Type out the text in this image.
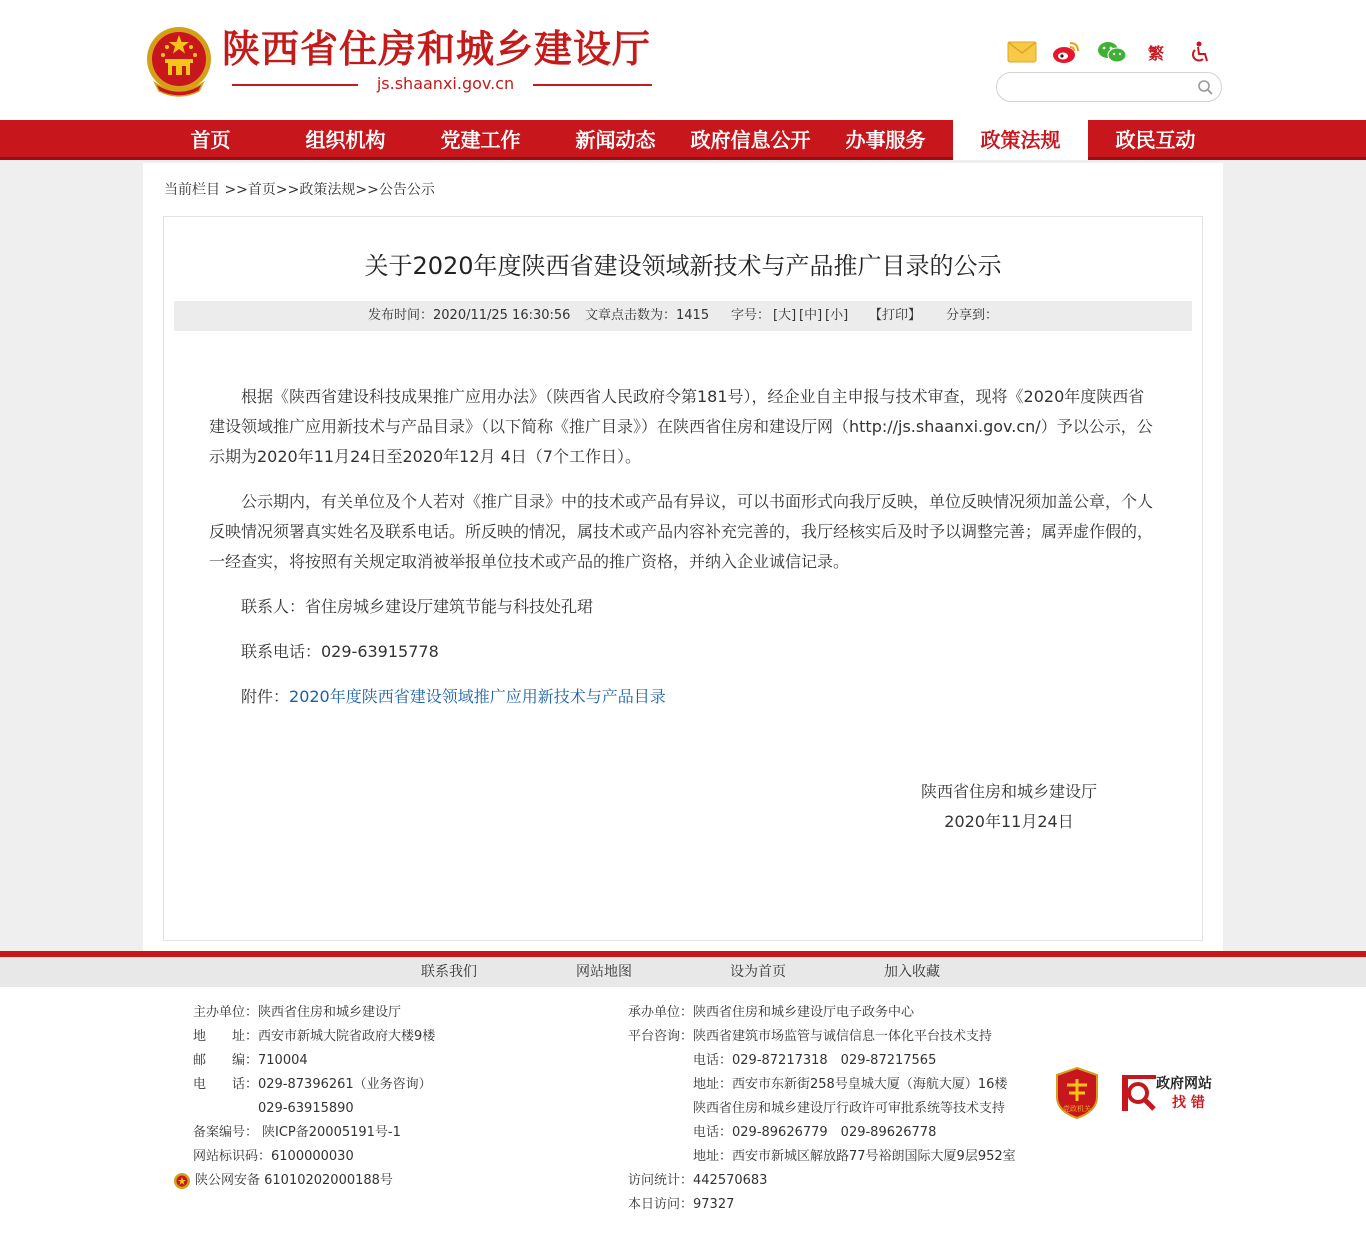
陕西省住房和城乡建设厅
js.shaanxi.gov.cn
繁
首页	组织机构	党建工作	新闻动态	政府信息公开	办事服务	政策法规	政民互动
当前栏目 >>首页>>政策法规>>公告公示
关于2020年度陕西省建设领域新技术与产品推广目录的公示
发布时间：2020/11/25 16:30:56 文章点击数为：1415 字号： [大] [中] [小] 【打印】 分享到：

根据《陕西省建设科技成果推广应用办法》（陕西省人民政府令第181号），经企业自主申报与技术审查，现将《2020年度陕西省建设领域推广应用新技术与产品目录》（以下简称《推广目录》）在陕西省住房和建设厅网（http://js.shaanxi.gov.cn/）予以公示，公示期为2020年11月24日至2020年12月 4日（7个工作日）。

公示期内，有关单位及个人若对《推广目录》中的技术或产品有异议，可以书面形式向我厅反映，单位反映情况须加盖公章，个人反映情况须署真实姓名及联系电话。所反映的情况，属技术或产品内容补充完善的，我厅经核实后及时予以调整完善；属弄虚作假的，一经查实，将按照有关规定取消被举报单位技术或产品的推广资格，并纳入企业诚信记录。

联系人：省住房城乡建设厅建筑节能与科技处孔珺

联系电话：029-63915778

附件：2020年度陕西省建设领域推广应用新技术与产品目录

陕西省住房和城乡建设厅
2020年11月24日
联系我们	网站地图	设为首页	加入收藏
主办单位： 陕西省住房和城乡建设厅
地　　址： 西安市新城大院省政府大楼9楼
邮　　编： 710004
电　　话： 029-87396261（业务咨询）
029-63915890
备案编号： 陕ICP备20005191号-1
网站标识码： 6100000030
陕公网安备 61010202000188号
承办单位： 陕西省住房和城乡建设厅电子政务中心
平台咨询： 陕西省建筑市场监管与诚信信息一体化平台技术支持
电话：029-87217318　029-87217565
地址：西安市东新街258号皇城大厦（海航大厦）16楼
陕西省住房和城乡建设厅行政许可审批系统等技术支持
电话：029-89626779　029-89626778
地址：西安市新城区解放路77号裕朗国际大厦9层952室
访问统计： 442570683
本日访问： 97327
党政机关
政府网站
找 错
